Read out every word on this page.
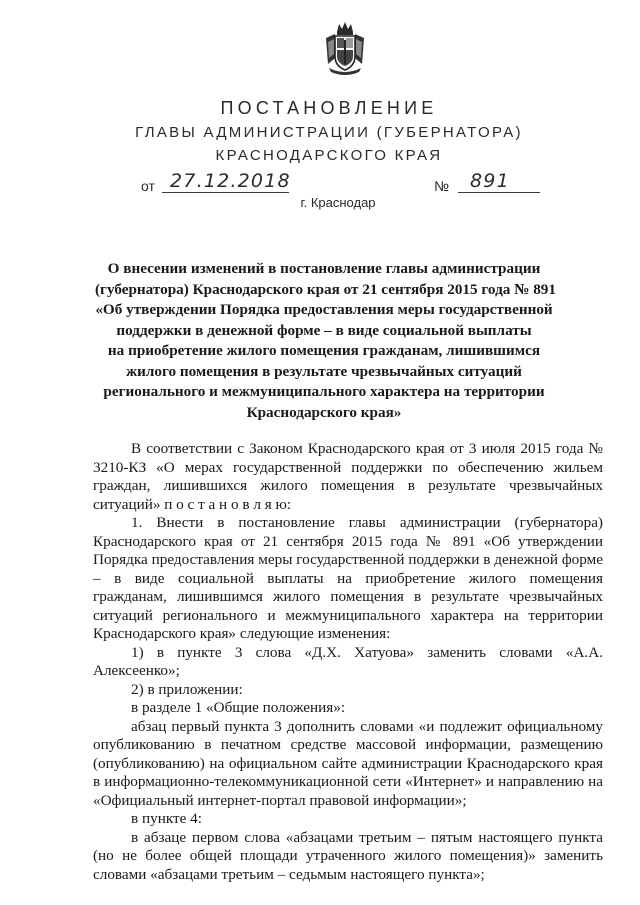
ПОСТАНОВЛЕНИЕ
ГЛАВЫ АДМИНИСТРАЦИИ (ГУБЕРНАТОРА)
КРАСНОДАРСКОГО КРАЯ
от 27.12.2018	№ 891
г. Краснодар
О внесении изменений в постановление главы администрации
(губернатора) Краснодарского края от 21 сентября 2015 года № 891
«Об утверждении Порядка предоставления меры государственной
поддержки в денежной форме – в виде социальной выплаты
на приобретение жилого помещения гражданам, лишившимся
жилого помещения в результате чрезвычайных ситуаций
регионального и межмуниципального характера на территории
Краснодарского края»

В соответствии с Законом Краснодарского края от 3 июля 2015 года № 3210-КЗ «О мерах государственной поддержки по обеспечению жильем граждан, лишившихся жилого помещения в результате чрезвычайных ситуаций» п о с т а н о в л я ю:

1. Внести в постановление главы администрации (губернатора) Краснодарского края от 21 сентября 2015 года № 891 «Об утверждении Порядка предоставления меры государственной поддержки в денежной форме – в виде социальной выплаты на приобретение жилого помещения гражданам, лишившимся жилого помещения в результате чрезвычайных ситуаций регионального и межмуниципального характера на территории Краснодарского края» следующие изменения:

1) в пункте 3 слова «Д.Х. Хатуова» заменить словами «А.А. Алексеенко»;

2) в приложении:

в разделе 1 «Общие положения»:

абзац первый пункта 3 дополнить словами «и подлежит официальному опубликованию в печатном средстве массовой информации, размещению (опубликованию) на официальном сайте администрации Краснодарского края в информационно-телекоммуникационной сети «Интернет» и направлению на «Официальный интернет-портал правовой информации»;

в пункте 4:

в абзаце первом слова «абзацами третьим – пятым настоящего пункта (но не более общей площади утраченного жилого помещения)» заменить словами «абзацами третьим – седьмым настоящего пункта»;
